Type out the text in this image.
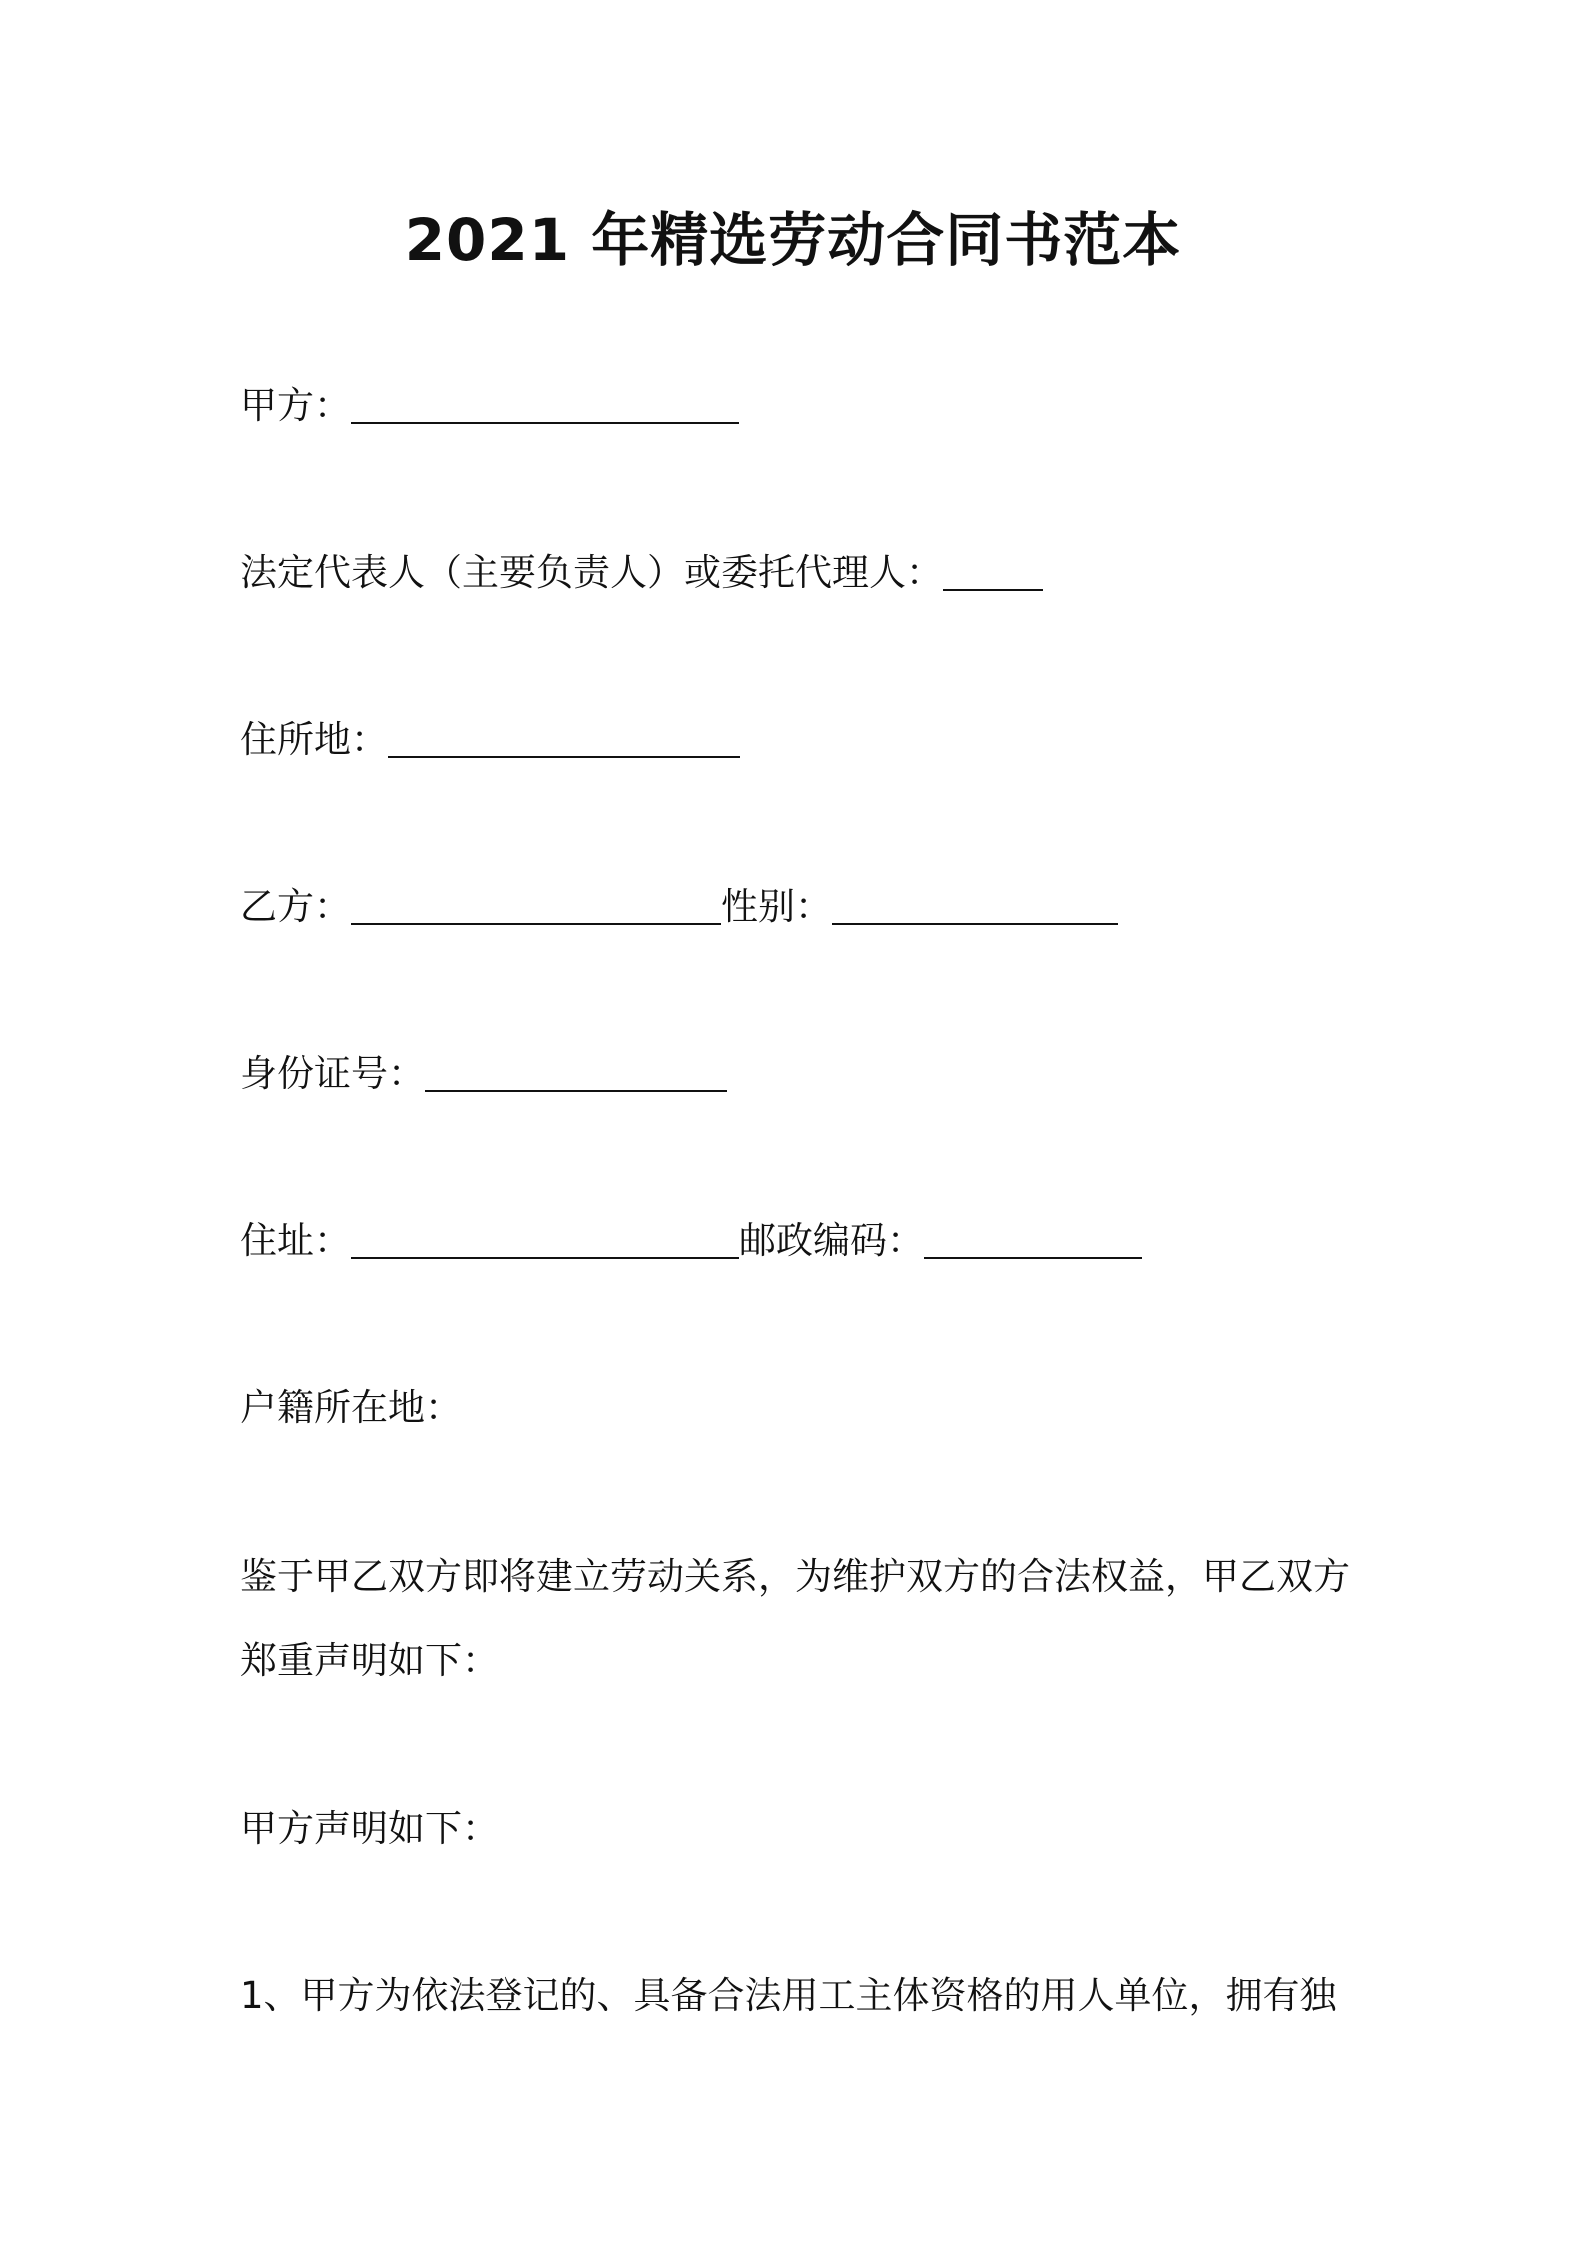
2021 年精选劳动合同书范本
甲方：
法定代表人（主要负责人）或委托代理人：
住所地：
乙方：	性别：
身份证号：
住址：	邮政编码：
户籍所在地：
鉴于甲乙双方即将建立劳动关系，为维护双方的合法权益，甲乙双方郑重声明如下：
甲方声明如下：
1、甲方为依法登记的、具备合法用工主体资格的用人单位，拥有独
